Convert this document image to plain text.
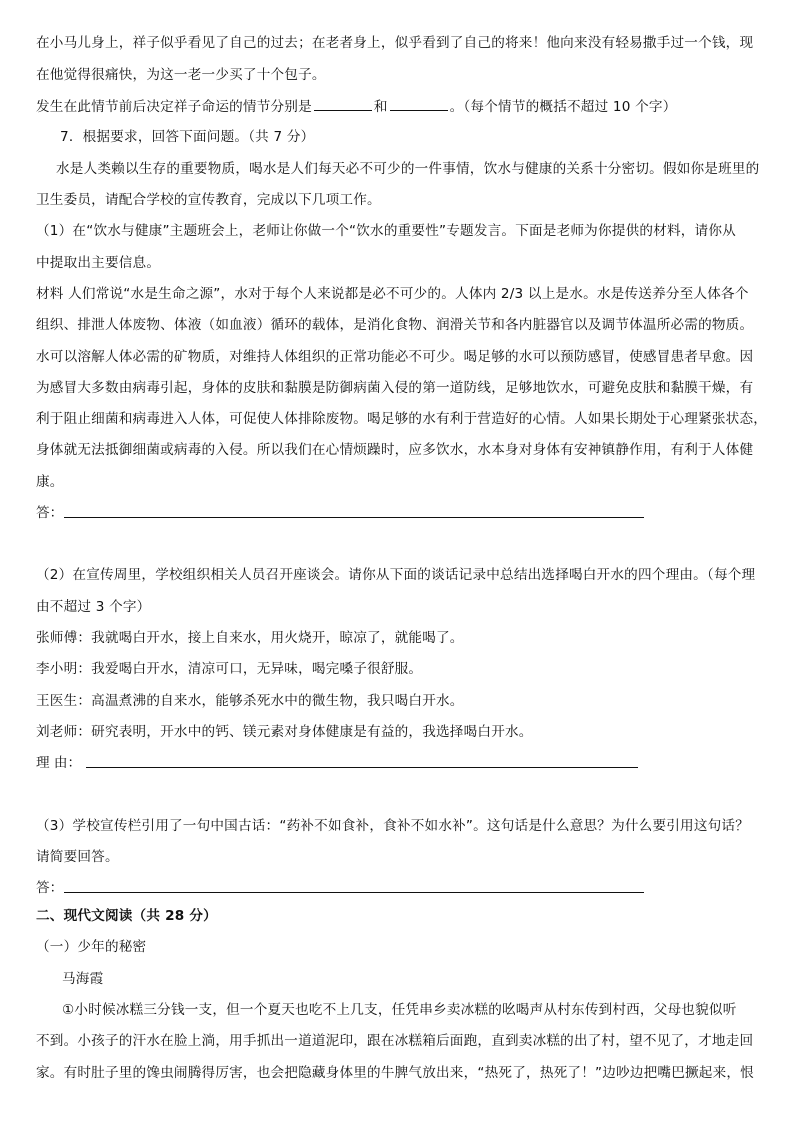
在小马儿身上，祥子似乎看见了自己的过去；在老者身上，似乎看到了自己的将来！他向来没有轻易撒手过一个钱，现
在他觉得很痛快，为这一老一少买了十个包子。
发生在此情节前后决定祥子命运的情节分别是	和	。（每个情节的概括不超过 10 个字）
7．根据要求，回答下面问题。（共 7 分）
水是人类赖以生存的重要物质，喝水是人们每天必不可少的一件事情，饮水与健康的关系十分密切。假如你是班里的
卫生委员，请配合学校的宣传教育，完成以下几项工作。
（1）在“饮水与健康”主题班会上，老师让你做一个“饮水的重要性”专题发言。下面是老师为你提供的材料，请你从
中提取出主要信息。
材料 人们常说“水是生命之源”，水对于每个人来说都是必不可少的。人体内 2/3 以上是水。水是传送养分至人体各个
组织、排泄人体废物、体液（如血液）循环的载体，是消化食物、润滑关节和各内脏器官以及调节体温所必需的物质。
水可以溶解人体必需的矿物质，对维持人体组织的正常功能必不可少。喝足够的水可以预防感冒，使感冒患者早愈。因
为感冒大多数由病毒引起，身体的皮肤和黏膜是防御病菌入侵的第一道防线，足够地饮水，可避免皮肤和黏膜干燥，有
利于阻止细菌和病毒进入人体，可促使人体排除废物。喝足够的水有利于营造好的心情。人如果长期处于心理紧张状态，
身体就无法抵御细菌或病毒的入侵。所以我们在心情烦躁时，应多饮水，水本身对身体有安神镇静作用，有利于人体健
康。
答：
（2）在宣传周里，学校组织相关人员召开座谈会。请你从下面的谈话记录中总结出选择喝白开水的四个理由。（每个理
由不超过 3 个字）
张师傅：我就喝白开水，接上自来水，用火烧开，晾凉了，就能喝了。
李小明：我爱喝白开水，清凉可口，无异味，喝完嗓子很舒服。
王医生：高温煮沸的自来水，能够杀死水中的微生物，我只喝白开水。
刘老师：研究表明，开水中的钙、镁元素对身体健康是有益的，我选择喝白开水。
理 由：
（3）学校宣传栏引用了一句中国古话：“药补不如食补，食补不如水补”。这句话是什么意思？为什么要引用这句话？
请简要回答。
答：
二、现代文阅读（共 28 分）
（一）少年的秘密
马海霞
①小时候冰糕三分钱一支，但一个夏天也吃不上几支，任凭串乡卖冰糕的吆喝声从村东传到村西，父母也貌似听
不到。小孩子的汗水在脸上淌，用手抓出一道道泥印，跟在冰糕箱后面跑，直到卖冰糕的出了村，望不见了，才地走回
家。有时肚子里的馋虫闹腾得厉害，也会把隐藏身体里的牛脾气放出来，“热死了，热死了！”边吵边把嘴巴撅起来，恨
